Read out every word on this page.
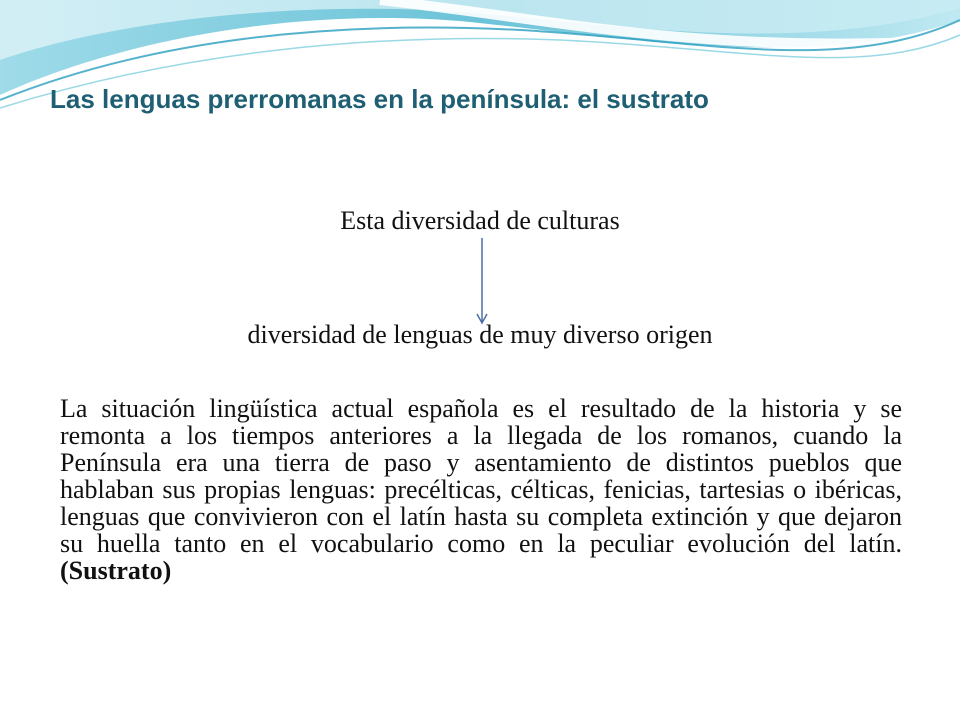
Las lenguas prerromanas en la península: el sustrato
Esta diversidad de culturas
diversidad de lenguas de muy diverso origen

La situación lingüística actual española es el resultado de la historia y se remonta a los tiempos anteriores a la llegada de los romanos, cuando la Península era una tierra de paso y asentamiento de distintos pueblos que hablaban sus propias lenguas: precélticas, célticas, fenicias, tartesias o ibéricas, lenguas que convivieron con el latín hasta su completa extinción y que dejaron su huella tanto en el vocabulario como en la peculiar evolución del latín. (Sustrato)
